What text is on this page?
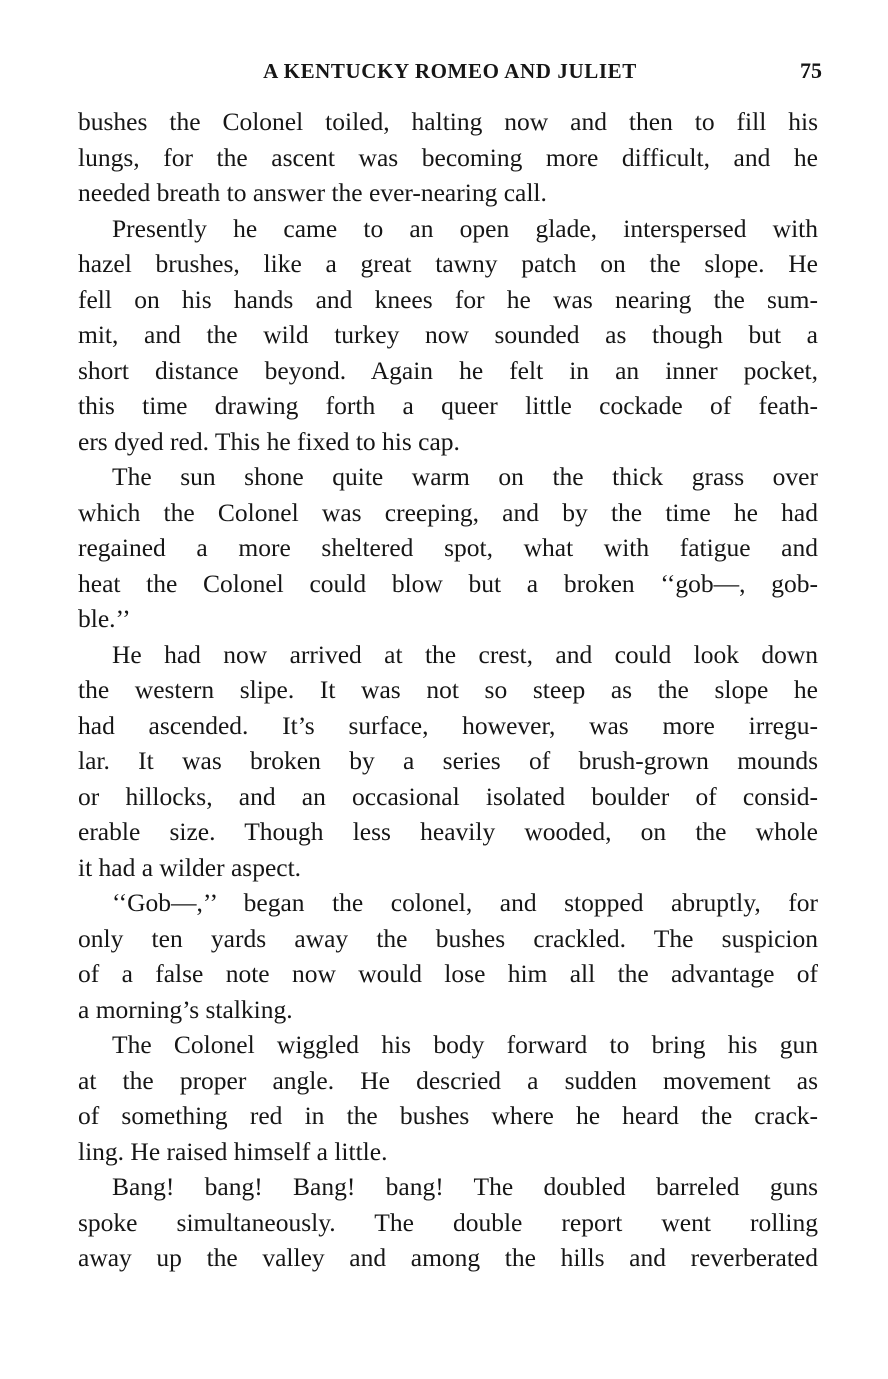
A KENTUCKY ROMEO AND JULIET	75

bushes the Colonel toiled, halting now and then to fill his
lungs, for the ascent was becoming more difficult, and he
needed breath to answer the ever-nearing call.

Presently he came to an open glade, interspersed with
hazel brushes, like a great tawny patch on the slope. He
fell on his hands and knees for he was nearing the sum-
mit, and the wild turkey now sounded as though but a
short distance beyond. Again he felt in an inner pocket,
this time drawing forth a queer little cockade of feath-
ers dyed red. This he fixed to his cap.

The sun shone quite warm on the thick grass over
which the Colonel was creeping, and by the time he had
regained a more sheltered spot, what with fatigue and
heat the Colonel could blow but a broken ‘‘gob—, gob-
ble.’’

He had now arrived at the crest, and could look down
the western slipe. It was not so steep as the slope he
had ascended. It’s surface, however, was more irregu-
lar. It was broken by a series of brush-grown mounds
or hillocks, and an occasional isolated boulder of consid-
erable size. Though less heavily wooded, on the whole
it had a wilder aspect.

‘‘Gob—,’’ began the colonel, and stopped abruptly, for
only ten yards away the bushes crackled. The suspicion
of a false note now would lose him all the advantage of
a morning’s stalking.

The Colonel wiggled his body forward to bring his gun
at the proper angle. He descried a sudden movement as
of something red in the bushes where he heard the crack-
ling. He raised himself a little.

Bang! bang! Bang! bang! The doubled barreled guns
spoke simultaneously. The double report went rolling
away up the valley and among the hills and reverberated
